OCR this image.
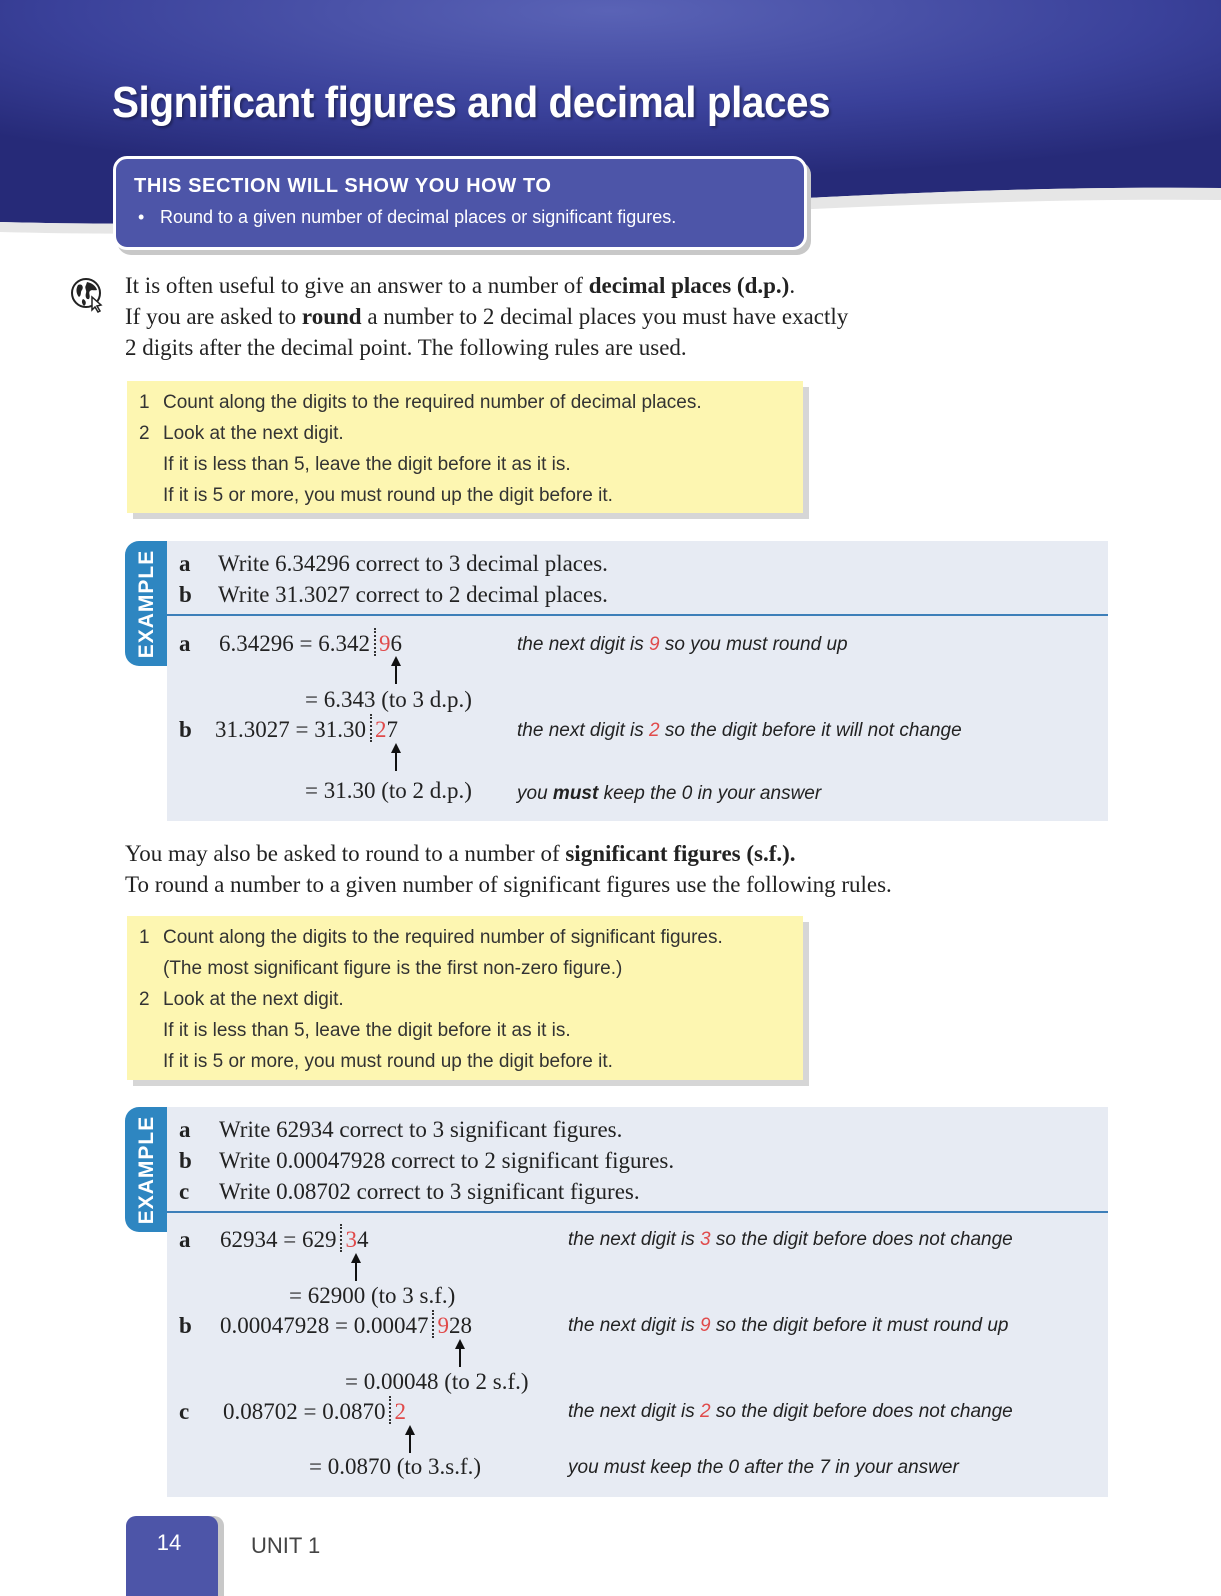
Significant figures and decimal places
THIS SECTION WILL SHOW YOU HOW TO
• Round to a given number of decimal places or significant figures.
It is often useful to give an answer to a number of decimal places (d.p.).
If you are asked to round a number to 2 decimal places you must have exactly
2 digits after the decimal point. The following rules are used.
1 Count along the digits to the required number of decimal places.
2 Look at the next digit.
If it is less than 5, leave the digit before it as it is.
If it is 5 or more, you must round up the digit before it.
EXAMPLE a Write 6.34296 correct to 3 decimal places.
b Write 31.3027 correct to 2 decimal places.
a 6.34296 = 6.342 96
= 6.343 (to 3 d.p.)
the next digit is 9 so you must round up
b 31.3027 = 31.30 27
= 31.30 (to 2 d.p.)
the next digit is 2 so the digit before it will not change
you must keep the 0 in your answer
You may also be asked to round to a number of significant figures (s.f.).
To round a number to a given number of significant figures use the following rules.
1 Count along the digits to the required number of significant figures.
(The most significant figure is the first non-zero figure.)
2 Look at the next digit.
If it is less than 5, leave the digit before it as it is.
If it is 5 or more, you must round up the digit before it.
EXAMPLE a Write 62934 correct to 3 significant figures.
b Write 0.00047928 correct to 2 significant figures.
c Write 0.08702 correct to 3 significant figures.
a 62934 = 629 34
= 62900 (to 3 s.f.)
the next digit is 3 so the digit before does not change
b 0.00047928 = 0.00047 928
= 0.00048 (to 2 s.f.)
the next digit is 9 so the digit before it must round up
c 0.08702 = 0.0870 2
= 0.0870 (to 3.s.f.)
the next digit is 2 so the digit before does not change
you must keep the 0 after the 7 in your answer
14	UNIT 1
